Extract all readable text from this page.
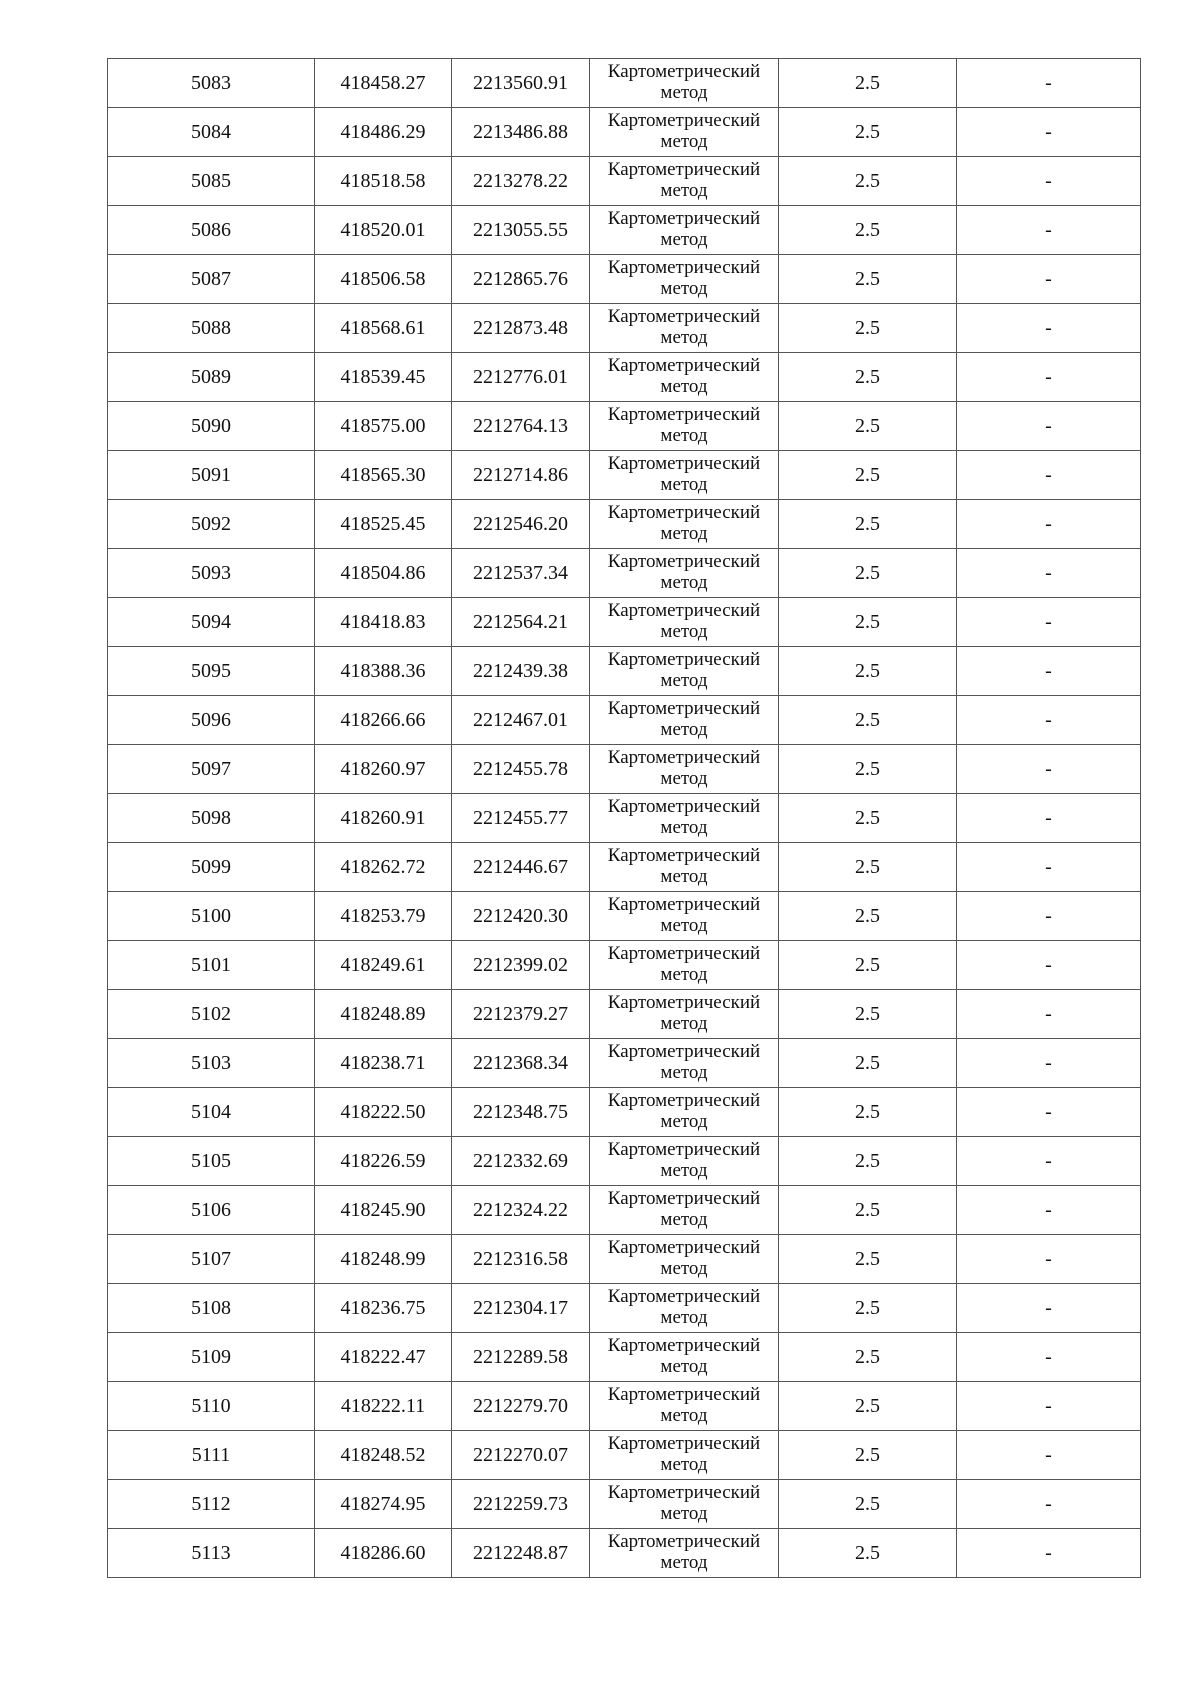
5083	418458.27	2213560.91	Картометрический метод	2.5	-
5084	418486.29	2213486.88	Картометрический метод	2.5	-
5085	418518.58	2213278.22	Картометрический метод	2.5	-
5086	418520.01	2213055.55	Картометрический метод	2.5	-
5087	418506.58	2212865.76	Картометрический метод	2.5	-
5088	418568.61	2212873.48	Картометрический метод	2.5	-
5089	418539.45	2212776.01	Картометрический метод	2.5	-
5090	418575.00	2212764.13	Картометрический метод	2.5	-
5091	418565.30	2212714.86	Картометрический метод	2.5	-
5092	418525.45	2212546.20	Картометрический метод	2.5	-
5093	418504.86	2212537.34	Картометрический метод	2.5	-
5094	418418.83	2212564.21	Картометрический метод	2.5	-
5095	418388.36	2212439.38	Картометрический метод	2.5	-
5096	418266.66	2212467.01	Картометрический метод	2.5	-
5097	418260.97	2212455.78	Картометрический метод	2.5	-
5098	418260.91	2212455.77	Картометрический метод	2.5	-
5099	418262.72	2212446.67	Картометрический метод	2.5	-
5100	418253.79	2212420.30	Картометрический метод	2.5	-
5101	418249.61	2212399.02	Картометрический метод	2.5	-
5102	418248.89	2212379.27	Картометрический метод	2.5	-
5103	418238.71	2212368.34	Картометрический метод	2.5	-
5104	418222.50	2212348.75	Картометрический метод	2.5	-
5105	418226.59	2212332.69	Картометрический метод	2.5	-
5106	418245.90	2212324.22	Картометрический метод	2.5	-
5107	418248.99	2212316.58	Картометрический метод	2.5	-
5108	418236.75	2212304.17	Картометрический метод	2.5	-
5109	418222.47	2212289.58	Картометрический метод	2.5	-
5110	418222.11	2212279.70	Картометрический метод	2.5	-
5111	418248.52	2212270.07	Картометрический метод	2.5	-
5112	418274.95	2212259.73	Картометрический метод	2.5	-
5113	418286.60	2212248.87	Картометрический метод	2.5	-
